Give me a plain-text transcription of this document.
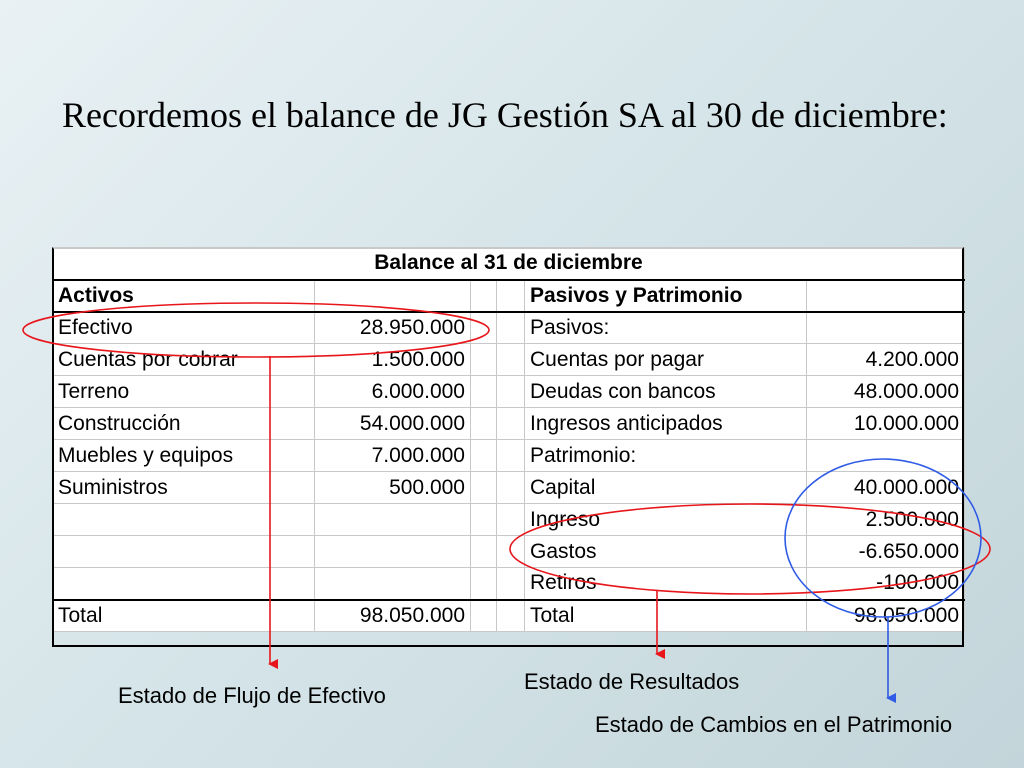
Recordemos el balance de JG Gestión SA al 30 de diciembre:
Balance al 31 de diciembre					
Activos				Pasivos y Patrimonio	
Efectivo	28.950.000			Pasivos:	
Cuentas por cobrar	1.500.000			Cuentas por pagar	4.200.000
Terreno	6.000.000			Deudas con bancos	48.000.000
Construcción	54.000.000			Ingresos anticipados	10.000.000
Muebles y equipos	7.000.000			Patrimonio:	
Suministros	500.000			Capital	40.000.000
				Ingreso	2.500.000
				Gastos	-6.650.000
				Retiros	-100.000
Total	98.050.000			Total	98.050.000
Estado de Flujo de Efectivo
Estado de Resultados
Estado de Cambios en el Patrimonio
